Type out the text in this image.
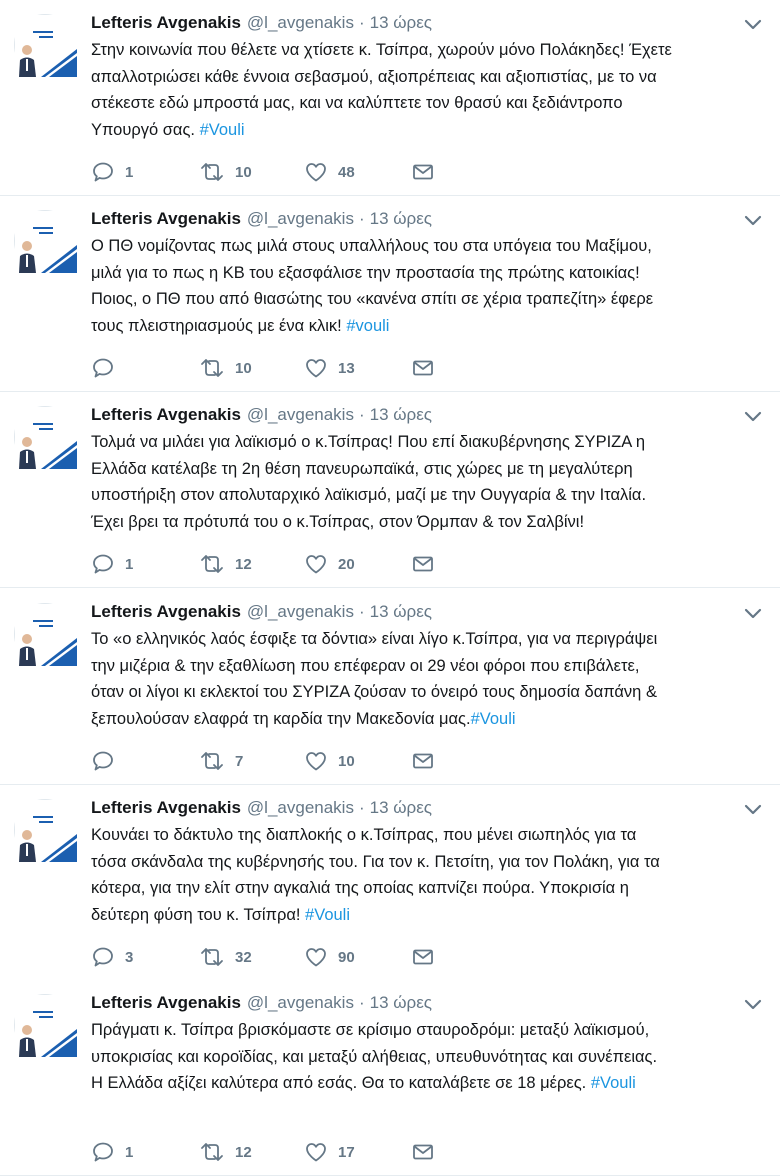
Lefteris Avgenakis @l_avgenakis · 13 ώρες
Στην κοινωνία που θέλετε να χτίσετε κ. Τσίπρα, χωρούν μόνο Πολάκηδες! Έχετε
απαλλοτριώσει κάθε έννοια σεβασμού, αξιοπρέπειας και αξιοπιστίας, με το να
στέκεστε εδώ μπροστά μας, και να καλύπτετε τον θρασύ και ξεδιάντροπο
Υπουργό σας. #Vouli
1	10	48
Lefteris Avgenakis @l_avgenakis · 13 ώρες
Ο ΠΘ νομίζοντας πως μιλά στους υπαλλήλους του στα υπόγεια του Μαξίμου,
μιλά για το πως η ΚΒ του εξασφάλισε την προστασία της πρώτης κατοικίας!
Ποιος, ο ΠΘ που από θιασώτης του «κανένα σπίτι σε χέρια τραπεζίτη» έφερε
τους πλειστηριασμούς με ένα κλικ! #vouli
10	13
Lefteris Avgenakis @l_avgenakis · 13 ώρες
Τολμά να μιλάει για λαϊκισμό ο κ.Τσίπρας! Που επί διακυβέρνησης ΣΥΡΙΖΑ η
Ελλάδα κατέλαβε τη 2η θέση πανευρωπαϊκά, στις χώρες με τη μεγαλύτερη
υποστήριξη στον απολυταρχικό λαϊκισμό, μαζί με την Ουγγαρία & την Ιταλία.
Έχει βρει τα πρότυπά του ο κ.Τσίπρας, στον Όρμπαν & τον Σαλβίνι!
1	12	20
Lefteris Avgenakis @l_avgenakis · 13 ώρες
Το «ο ελληνικός λαός έσφιξε τα δόντια» είναι λίγο κ.Τσίπρα, για να περιγράψει
την μιζέρια & την εξαθλίωση που επέφεραν οι 29 νέοι φόροι που επιβάλετε,
όταν οι λίγοι κι εκλεκτοί του ΣΥΡΙΖΑ ζούσαν το όνειρό τους δημοσία δαπάνη &
ξεπουλούσαν ελαφρά τη καρδία την Μακεδονία μας.#Vouli
7	10
Lefteris Avgenakis @l_avgenakis · 13 ώρες
Κουνάει το δάκτυλο της διαπλοκής ο κ.Τσίπρας, που μένει σιωπηλός για τα
τόσα σκάνδαλα της κυβέρνησής του. Για τον κ. Πετσίτη, για τον Πολάκη, για τα
κότερα, για την ελίτ στην αγκαλιά της οποίας καπνίζει πούρα. Υποκρισία η
δεύτερη φύση του κ. Τσίπρα! #Vouli
3	32	90
Lefteris Avgenakis @l_avgenakis · 13 ώρες
Πράγματι κ. Τσίπρα βρισκόμαστε σε κρίσιμο σταυροδρόμι: μεταξύ λαϊκισμού,
υποκρισίας και κοροϊδίας, και μεταξύ αλήθειας, υπευθυνότητας και συνέπειας.
Η Ελλάδα αξίζει καλύτερα από εσάς. Θα το καταλάβετε σε 18 μέρες. #Vouli
1	12	17
